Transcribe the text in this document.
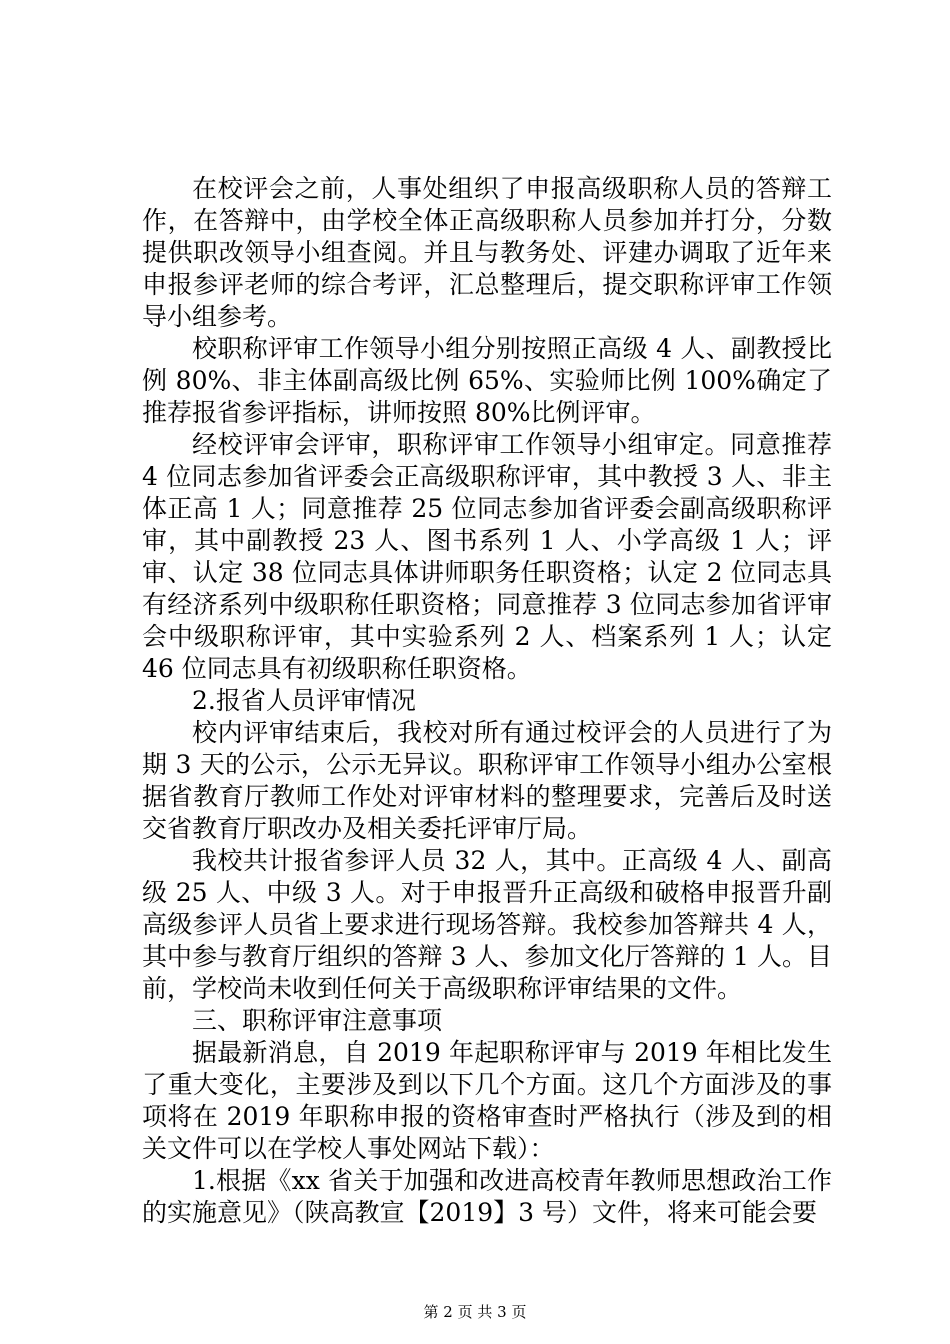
在校评会之前，人事处组织了申报高级职称人员的答辩工作，在答辩中，由学校全体正高级职称人员参加并打分，分数提供职改领导小组查阅。并且与教务处、评建办调取了近年来申报参评老师的综合考评，汇总整理后，提交职称评审工作领导小组参考。

校职称评审工作领导小组分别按照正高级 4 人、副教授比例 80%、非主体副高级比例 65%、实验师比例 100%确定了推荐报省参评指标，讲师按照 80%比例评审。

经校评审会评审，职称评审工作领导小组审定。同意推荐 4 位同志参加省评委会正高级职称评审，其中教授 3 人、非主体正高 1 人；同意推荐 25 位同志参加省评委会副高级职称评审，其中副教授 23 人、图书系列 1 人、小学高级 1 人；评审、认定 38 位同志具体讲师职务任职资格；认定 2 位同志具有经济系列中级职称任职资格；同意推荐 3 位同志参加省评审会中级职称评审，其中实验系列 2 人、档案系列 1 人；认定 46 位同志具有初级职称任职资格。

2.报省人员评审情况

校内评审结束后，我校对所有通过校评会的人员进行了为期 3 天的公示，公示无异议。职称评审工作领导小组办公室根据省教育厅教师工作处对评审材料的整理要求，完善后及时送交省教育厅职改办及相关委托评审厅局。

我校共计报省参评人员 32 人，其中。正高级 4 人、副高级 25 人、中级 3 人。对于申报晋升正高级和破格申报晋升副高级参评人员省上要求进行现场答辩。我校参加答辩共 4 人，其中参与教育厅组织的答辩 3 人、参加文化厅答辩的 1 人。目前，学校尚未收到任何关于高级职称评审结果的文件。

三、职称评审注意事项

据最新消息，自 2019 年起职称评审与 2019 年相比发生了重大变化，主要涉及到以下几个方面。这几个方面涉及的事项将在 2019 年职称申报的资格审查时严格执行（涉及到的相关文件可以在学校人事处网站下载）：

1.根据《xx 省关于加强和改进高校青年教师思想政治工作的实施意见》（陕高教宣【2019】3 号）文件，将来可能会要

第 2 页 共 3 页
